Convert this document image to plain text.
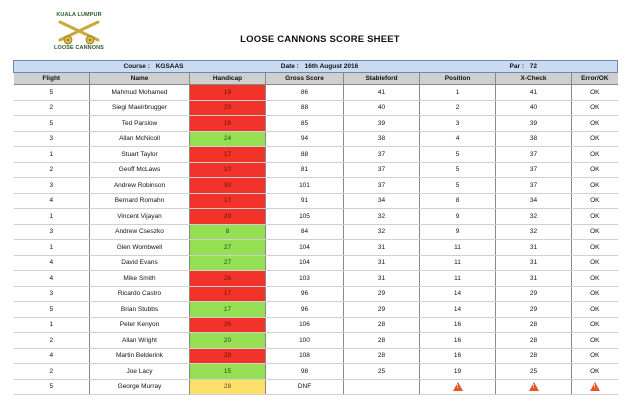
KUALA LUMPUR
LOOSE CANNONS
LOOSE CANNONS SCORE SHEET
Course : KGSAAS		Date : 16th August 2016			Par : 72		
Flight	Name	Handicap	Gross Score	Stableford	Position	X-Check	Error/OK
5	Mahmud Mohamed	19	86	41	1	41	OK
2	Siegi Maeirbrugger	20	88	40	2	40	OK
5	Ted Parslow	16	85	39	3	39	OK
3	Allan McNicoll	24	94	38	4	38	OK
1	Stuart Taylor	17	88	37	5	37	OK
2	Geoff McLaws	10	81	37	5	37	OK
3	Andrew Robinson	30	101	37	5	37	OK
4	Bernard Romahn	17	91	34	8	34	OK
1	Vincent Vijayan	29	105	32	9	32	OK
3	Andrew Cseszko	8	84	32	9	32	OK
1	Glen Wombwell	27	104	31	11	31	OK
4	David Evans	27	104	31	11	31	OK
4	Mike Smith	26	103	31	11	31	OK
3	Ricardo Castro	17	96	29	14	29	OK
5	Brian Stubbs	17	96	29	14	29	OK
1	Peter Kenyon	26	106	28	16	28	OK
2	Allan Wright	20	100	28	16	28	OK
4	Martin Belderink	28	108	28	16	28	OK
2	Joe Lacy	15	98	25	19	25	OK
5	George Murray	28	DNF		!	!	!
